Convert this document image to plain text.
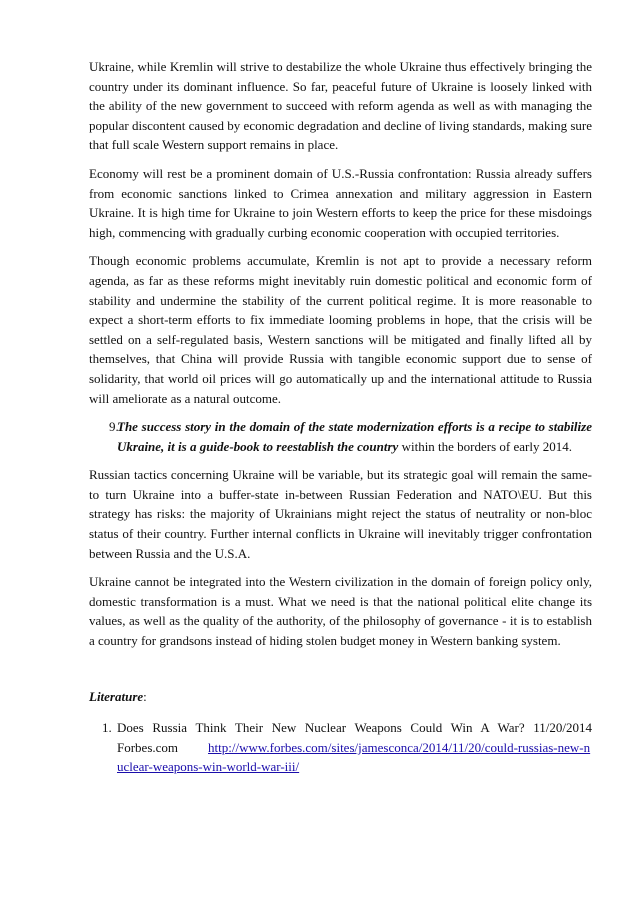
Ukraine, while Kremlin will strive to destabilize the whole Ukraine thus effectively bringing the country under its dominant influence. So far, peaceful future of Ukraine is loosely linked with the ability of the new government to succeed with reform agenda as well as with managing the popular discontent caused by economic degradation and decline of living standards, making sure that full scale Western support remains in place.

Economy will rest be a prominent domain of U.S.-Russia confrontation: Russia already suffers from economic sanctions linked to Crimea annexation and military aggression in Eastern Ukraine. It is high time for Ukraine to join Western efforts to keep the price for these misdoings high, commencing with gradually curbing economic cooperation with occupied territories.

Though economic problems accumulate, Kremlin is not apt to provide a necessary reform agenda, as far as these reforms might inevitably ruin domestic political and economic form of stability and undermine the stability of the current political regime. It is more reasonable to expect a short-term efforts to fix immediate looming problems in hope, that the crisis will be settled on a self-regulated basis, Western sanctions will be mitigated and finally lifted all by themselves, that China will provide Russia with tangible economic support due to sense of solidarity, that world oil prices will go automatically up and the international attitude to Russia will ameliorate as a natural outcome.

9.
The success story in the domain of the state modernization efforts is a recipe to stabilize Ukraine, it is a guide-book to reestablish the country within the borders of early 2014.

Russian tactics concerning Ukraine will be variable, but its strategic goal will remain the same- to turn Ukraine into a buffer-state in-between Russian Federation and NATO\EU. But this strategy has risks: the majority of Ukrainians might reject the status of neutrality or non-bloc status of their country. Further internal conflicts in Ukraine will inevitably trigger confrontation between Russia and the U.S.A.

Ukraine cannot be integrated into the Western civilization in the domain of foreign policy only, domestic transformation is a must. What we need is that the national political elite change its values, as well as the quality of the authority, of the philosophy of governance - it is to establish a country for grandsons instead of hiding stolen budget money in Western banking system.

Literature:
1. Does Russia Think Their New Nuclear Weapons Could Win A War? 11/20/2014 Forbes.com http://www.forbes.com/sites/jamesconca/2014/11/20/could-russias-new-nuclear-weapons-win-world-war-iii/
